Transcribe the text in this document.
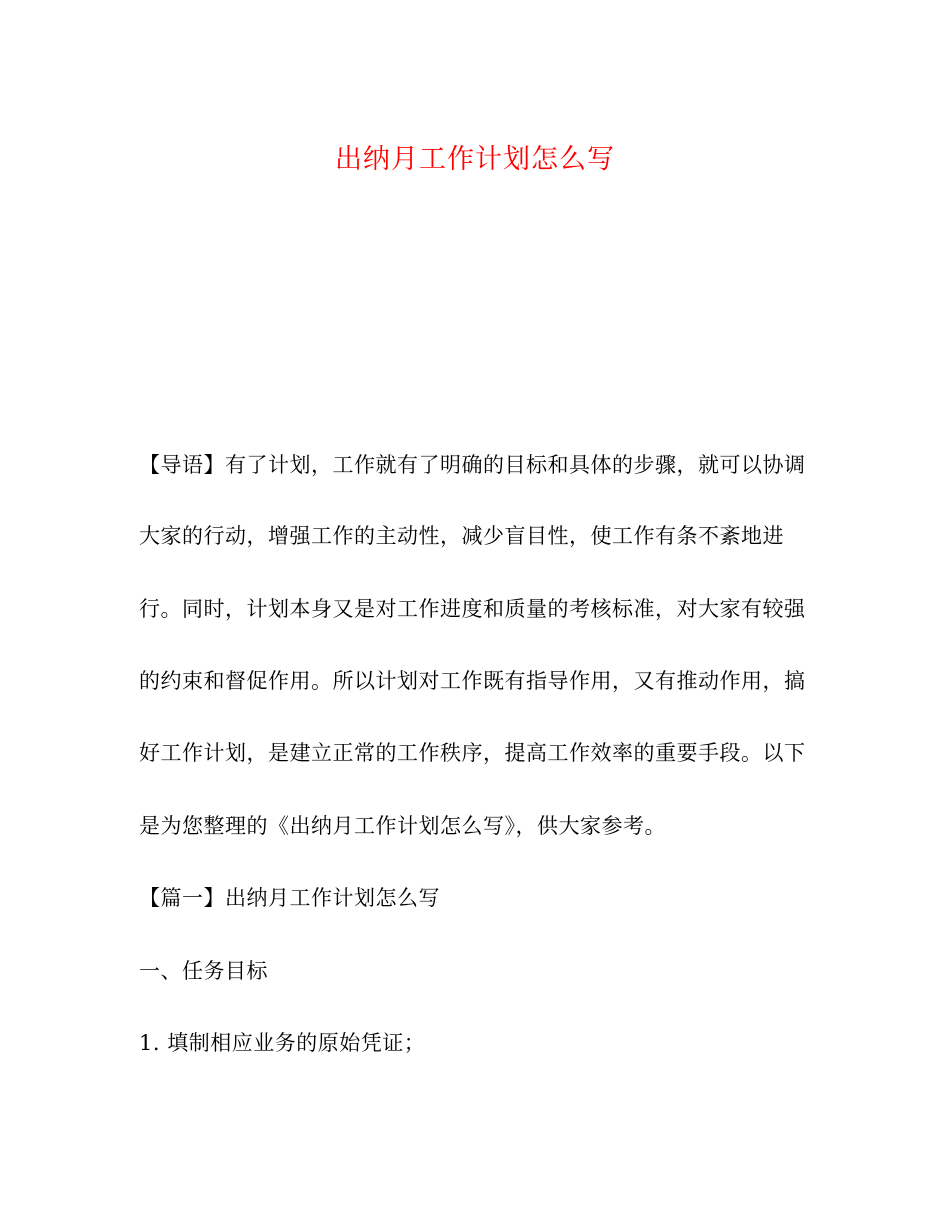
出纳月工作计划怎么写
【导语】有了计划，工作就有了明确的目标和具体的步骤，就可以协调
大家的行动，增强工作的主动性，减少盲目性，使工作有条不紊地进
行。同时，计划本身又是对工作进度和质量的考核标准，对大家有较强
的约束和督促作用。所以计划对工作既有指导作用，又有推动作用，搞
好工作计划，是建立正常的工作秩序，提高工作效率的重要手段。以下
是为您整理的《出纳月工作计划怎么写》，供大家参考。
【篇一】出纳月工作计划怎么写
一、任务目标
1. 填制相应业务的原始凭证；
